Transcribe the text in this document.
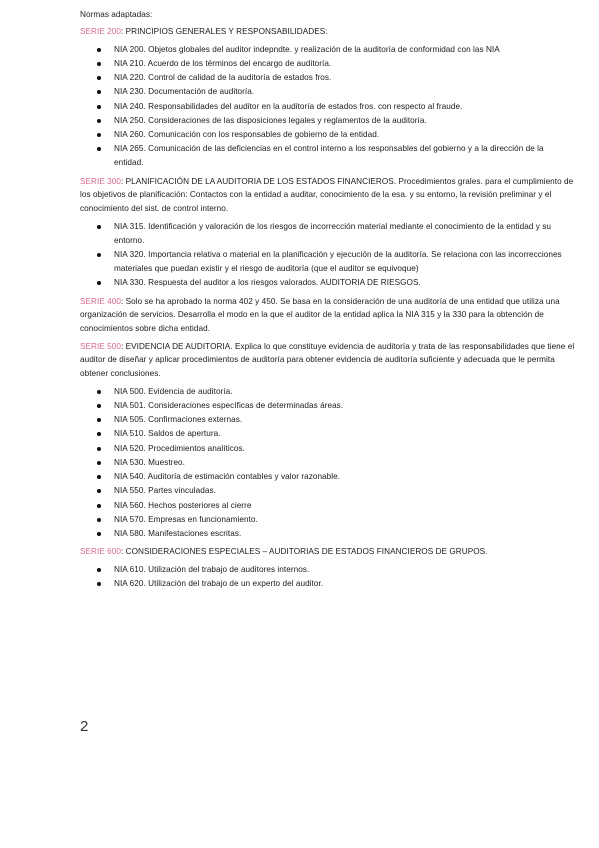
Normas adaptadas:

SERIE 200: PRINCIPIOS GENERALES Y RESPONSABILIDADES:

NIA 200. Objetos globales del auditor indepndte. y realización de la auditoría de conformidad con las NIA
NIA 210. Acuerdo de los términos del encargo de auditoría.
NIA 220. Control de calidad de la auditoría de estados fros.
NIA 230. Documentación de auditoría.
NIA 240. Responsabilidades del auditor en la auditoría de estados fros. con respecto al fraude.
NIA 250. Consideraciones de las disposiciones legales y reglamentos de la auditoría.
NIA 260. Comunicación con los responsables de gobierno de la entidad.
NIA 265. Comunicación de las deficiencias en el control interno a los responsables del gobierno y a la dirección de la entidad.

SERIE 300: PLANIFICACIÓN DE LA AUDITORIA DE LOS ESTADOS FINANCIEROS. Procedimientos grales. para el cumplimiento de los objetivos de planificación: Contactos con la entidad a auditar, conocimiento de la esa. y su entorno, la revisión preliminar y el conocimiento del sist. de control interno.

NIA 315. Identificación y valoración de los riesgos de incorrección material mediante el conocimiento de la entidad y su entorno.
NIA 320. Importancia relativa o material en la planificación y ejecución de la auditoría. Se relaciona con las incorrecciones materiales que puedan existir y el riesgo de auditoría (que el auditor se equivoque)
NIA 330. Respuesta del auditor a los riesgos valorados. AUDITORIA DE RIESGOS.

SERIE 400: Solo se ha aprobado la norma 402 y 450. Se basa en la consideración de una auditoría de una entidad que utiliza una organización de servicios. Desarrolla el modo en la que el auditor de la entidad aplica la NIA 315 y la 330 para la obtención de conocimientos sobre dicha entidad.

SERIE 500: EVIDENCIA DE AUDITORIA. Explica lo que constituye evidencia de auditoría y trata de las responsabilidades que tiene el auditor de diseñar y aplicar procedimientos de auditoría para obtener evidencia de auditoría suficiente y adecuada que le permita obtener conclusiones.

NIA 500. Evidencia de auditoría.
NIA 501. Consideraciones específicas de determinadas áreas.
NIA 505. Confirmaciones externas.
NIA 510. Saldos de apertura.
NIA 520. Procedimientos analíticos.
NIA 530. Muestreo.
NIA 540. Auditoría de estimación contables y valor razonable.
NIA 550. Partes vinculadas.
NIA 560. Hechos posteriores al cierre
NIA 570. Empresas en funcionamiento.
NIA 580. Manifestaciones escritas.

SERIE 600: CONSIDERACIONES ESPECIALES – AUDITORIAS DE ESTADOS FINANCIEROS DE GRUPOS.

NIA 610. Utilización del trabajo de auditores internos.
NIA 620. Utilización del trabajo de un experto del auditor.
2
